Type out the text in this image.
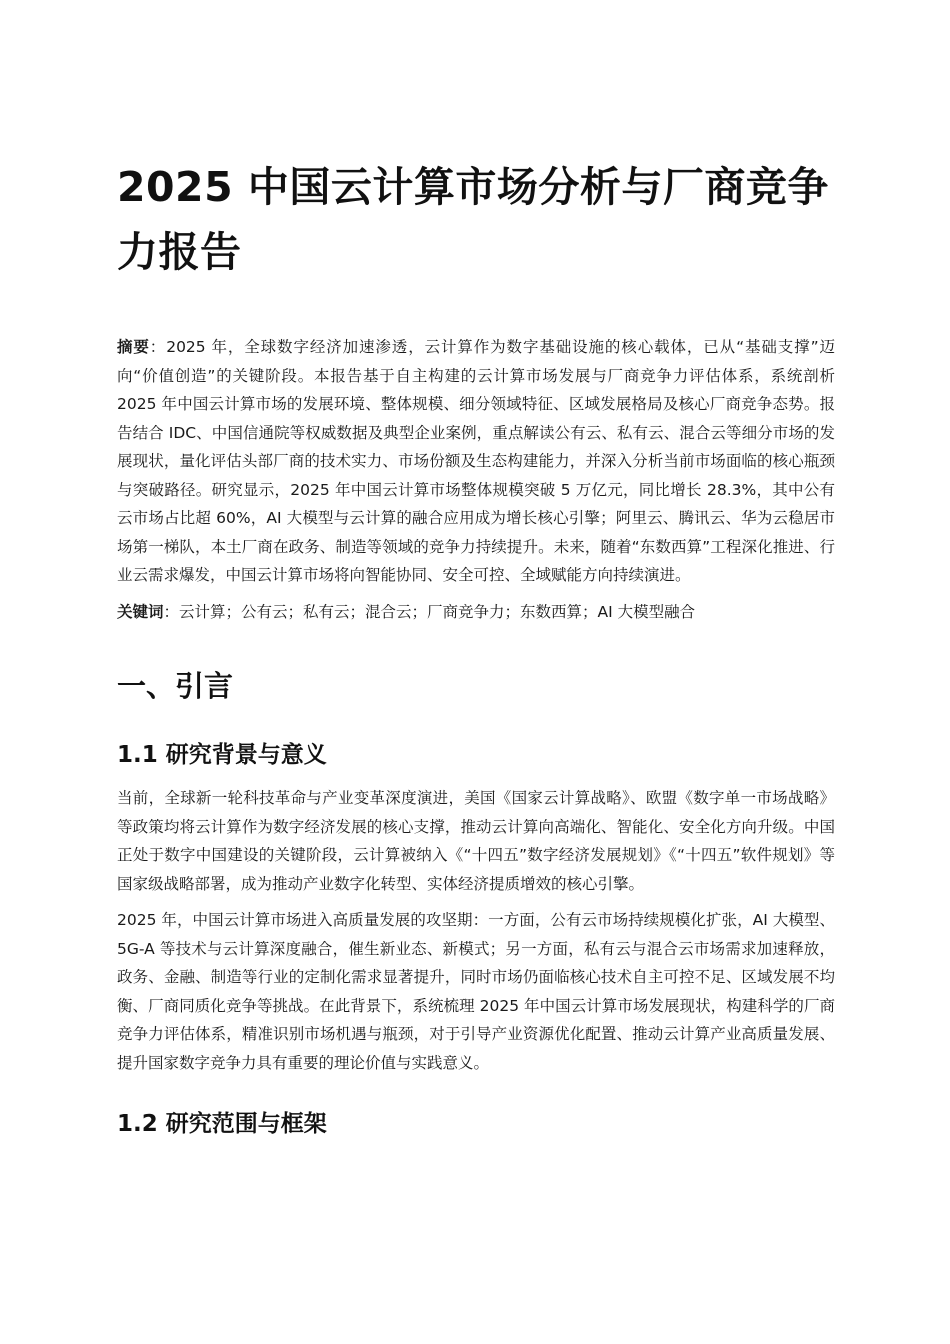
2025 中国云计算市场分析与厂商竞争力报告

摘要：2025 年，全球数字经济加速渗透，云计算作为数字基础设施的核心载体，已从“基础支撑”迈向“价值创造”的关键阶段。本报告基于自主构建的云计算市场发展与厂商竞争力评估体系，系统剖析 2025 年中国云计算市场的发展环境、整体规模、细分领域特征、区域发展格局及核心厂商竞争态势。报告结合 IDC、中国信通院等权威数据及典型企业案例，重点解读公有云、私有云、混合云等细分市场的发展现状，量化评估头部厂商的技术实力、市场份额及生态构建能力，并深入分析当前市场面临的核心瓶颈与突破路径。研究显示，2025 年中国云计算市场整体规模突破 5 万亿元，同比增长 28.3%，其中公有云市场占比超 60%，AI 大模型与云计算的融合应用成为增长核心引擎；阿里云、腾讯云、华为云稳居市场第一梯队，本土厂商在政务、制造等领域的竞争力持续提升。未来，随着“东数西算”工程深化推进、行业云需求爆发，中国云计算市场将向智能协同、安全可控、全域赋能方向持续演进。

关键词：云计算；公有云；私有云；混合云；厂商竞争力；东数西算；AI 大模型融合

一、引言
1.1 研究背景与意义

当前，全球新一轮科技革命与产业变革深度演进，美国《国家云计算战略》、欧盟《数字单一市场战略》等政策均将云计算作为数字经济发展的核心支撑，推动云计算向高端化、智能化、安全化方向升级。中国正处于数字中国建设的关键阶段，云计算被纳入《“十四五”数字经济发展规划》《“十四五”软件规划》等国家级战略部署，成为推动产业数字化转型、实体经济提质增效的核心引擎。

2025 年，中国云计算市场进入高质量发展的攻坚期：一方面，公有云市场持续规模化扩张，AI 大模型、5G-A 等技术与云计算深度融合，催生新业态、新模式；另一方面，私有云与混合云市场需求加速释放，政务、金融、制造等行业的定制化需求显著提升，同时市场仍面临核心技术自主可控不足、区域发展不均衡、厂商同质化竞争等挑战。在此背景下，系统梳理 2025 年中国云计算市场发展现状，构建科学的厂商竞争力评估体系，精准识别市场机遇与瓶颈，对于引导产业资源优化配置、推动云计算产业高质量发展、提升国家数字竞争力具有重要的理论价值与实践意义。

1.2 研究范围与框架
